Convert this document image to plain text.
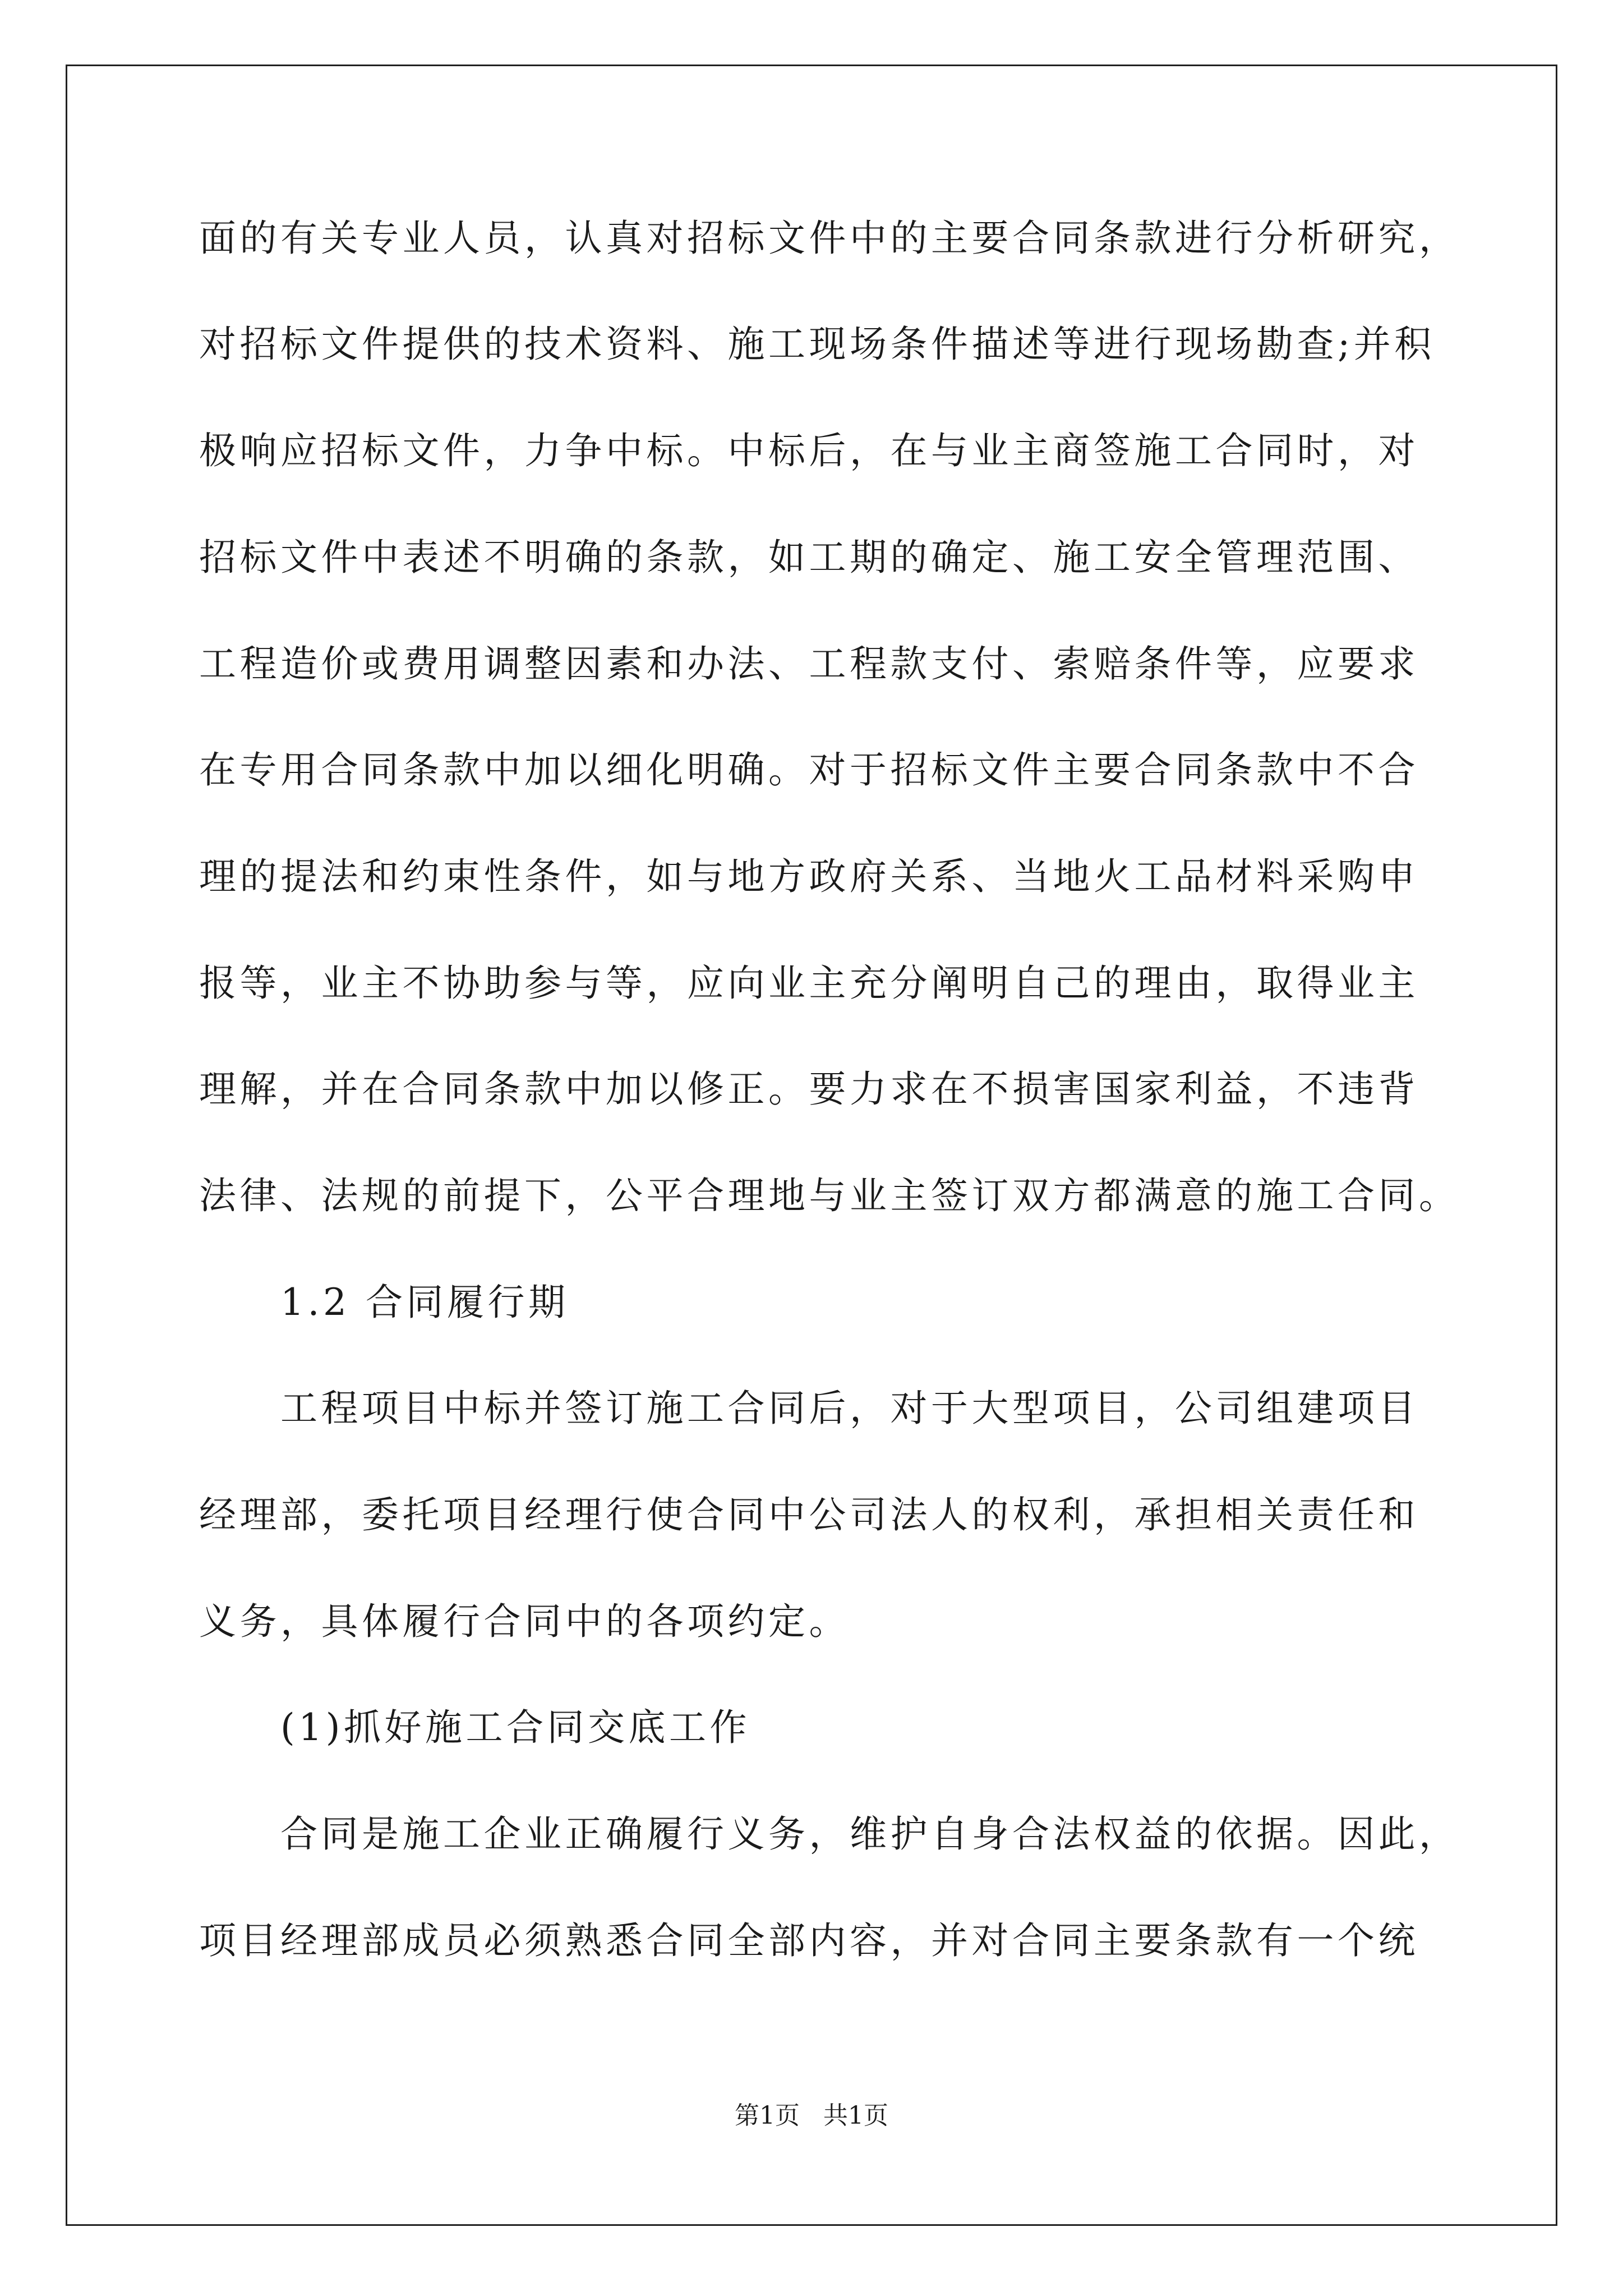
面的有关专业人员，认真对招标文件中的主要合同条款进行分析研究，
对招标文件提供的技术资料、施工现场条件描述等进行现场勘查;并积
极响应招标文件，力争中标。中标后，在与业主商签施工合同时，对
招标文件中表述不明确的条款，如工期的确定、施工安全管理范围、
工程造价或费用调整因素和办法、工程款支付、索赔条件等，应要求
在专用合同条款中加以细化明确。对于招标文件主要合同条款中不合
理的提法和约束性条件，如与地方政府关系、当地火工品材料采购申
报等，业主不协助参与等，应向业主充分阐明自己的理由，取得业主
理解，并在合同条款中加以修正。要力求在不损害国家利益，不违背
法律、法规的前提下，公平合理地与业主签订双方都满意的施工合同。
1.2 合同履行期
工程项目中标并签订施工合同后，对于大型项目，公司组建项目
经理部，委托项目经理行使合同中公司法人的权利，承担相关责任和
义务，具体履行合同中的各项约定。
(1)抓好施工合同交底工作
合同是施工企业正确履行义务，维护自身合法权益的依据。因此，
项目经理部成员必须熟悉合同全部内容，并对合同主要条款有一个统
第1页   共1页
